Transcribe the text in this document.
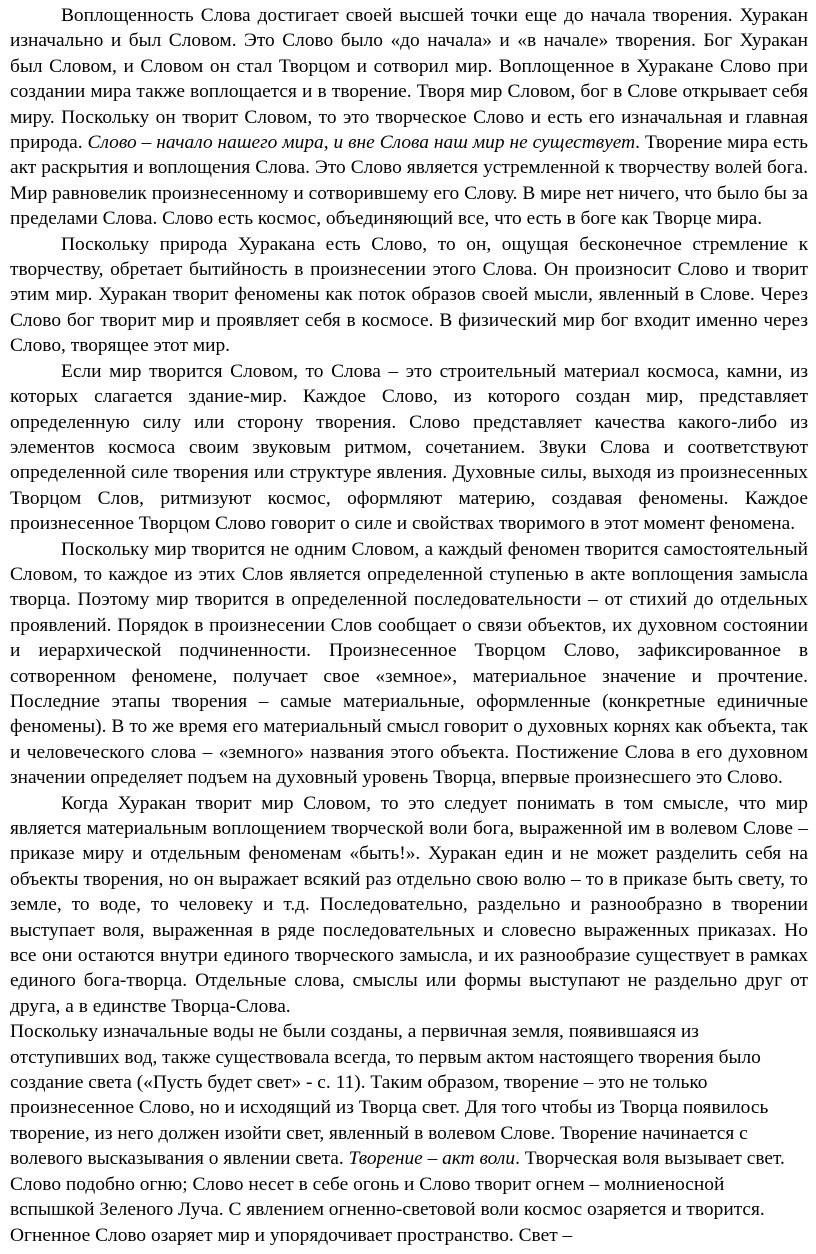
Воплощенность Слова достигает своей высшей точки еще до начала творения. Хуракан изначально и был Словом. Это Слово было «до начала» и «в начале» творения. Бог Хуракан был Словом, и Словом он стал Творцом и сотворил мир. Воплощенное в Хуракане Слово при создании мира также воплощается и в творение. Творя мир Словом, бог в Слове открывает себя миру. Поскольку он творит Словом, то это творческое Слово и есть его изначальная и главная природа. Слово – начало нашего мира, и вне Слова наш мир не существует. Творение мира есть акт раскрытия и воплощения Слова. Это Слово является устремленной к творчеству волей бога. Мир равновелик произнесенному и сотворившему его Слову. В мире нет ничего, что было бы за пределами Слова. Слово есть космос, объединяющий все, что есть в боге как Творце мира.

Поскольку природа Хуракана есть Слово, то он, ощущая бесконечное стремление к творчеству, обретает бытийность в произнесении этого Слова. Он произносит Слово и творит этим мир. Хуракан творит феномены как поток образов своей мысли, явленный в Слове. Через Слово бог творит мир и проявляет себя в космосе. В физический мир бог входит именно через Слово, творящее этот мир.

Если мир творится Словом, то Слова – это строительный материал космоса, камни, из которых слагается здание-мир. Каждое Слово, из которого создан мир, представляет определенную силу или сторону творения. Слово представляет качества какого-либо из элементов космоса своим звуковым ритмом, сочетанием. Звуки Слова и соответствуют определенной силе творения или структуре явления. Духовные силы, выходя из произнесенных Творцом Слов, ритмизуют космос, оформляют материю, создавая феномены. Каждое произнесенное Творцом Слово говорит о силе и свойствах творимого в этот момент феномена.

Поскольку мир творится не одним Словом, а каждый феномен творится самостоятельный Словом, то каждое из этих Слов является определенной ступенью в акте воплощения замысла творца. Поэтому мир творится в определенной последовательности – от стихий до отдельных проявлений. Порядок в произнесении Слов сообщает о связи объектов, их духовном состоянии и иерархической подчиненности. Произнесенное Творцом Слово, зафиксированное в сотворенном феномене, получает свое «земное», материальное значение и прочтение. Последние этапы творения – самые материальные, оформленные (конкретные единичные феномены). В то же время его материальный смысл говорит о духовных корнях как объекта, так и человеческого слова – «земного» названия этого объекта. Постижение Слова в его духовном значении определяет подъем на духовный уровень Творца, впервые произнесшего это Слово.

Когда Хуракан творит мир Словом, то это следует понимать в том смысле, что мир является материальным воплощением творческой воли бога, выраженной им в волевом Слове – приказе миру и отдельным феноменам «быть!». Хуракан един и не может разделить себя на объекты творения, но он выражает всякий раз отдельно свою волю – то в приказе быть свету, то земле, то воде, то человеку и т.д. Последовательно, раздельно и разнообразно в творении выступает воля, выраженная в ряде последовательных и словесно выраженных приказах. Но все они остаются внутри единого творческого замысла, и их разнообразие существует в рамках единого бога-творца. Отдельные слова, смыслы или формы выступают не раздельно друг от друга, а в единстве Творца-Слова.

Поскольку изначальные воды не были созданы, а первичная земля, появившаяся из отступивших вод, также существовала всегда, то первым актом настоящего творения было создание света («Пусть будет свет» - с. 11). Таким образом, творение – это не только произнесенное Слово, но и исходящий из Творца свет. Для того чтобы из Творца появилось творение, из него должен изойти свет, явленный в волевом Слове. Творение начинается с волевого высказывания о явлении света. Творение – акт воли. Творческая воля вызывает свет. Слово подобно огню; Слово несет в себе огонь и Слово творит огнем – молниеносной вспышкой Зеленого Луча. С явлением огненно-световой воли космос озаряется и творится. Огненное Слово озаряет мир и упорядочивает пространство. Свет –
